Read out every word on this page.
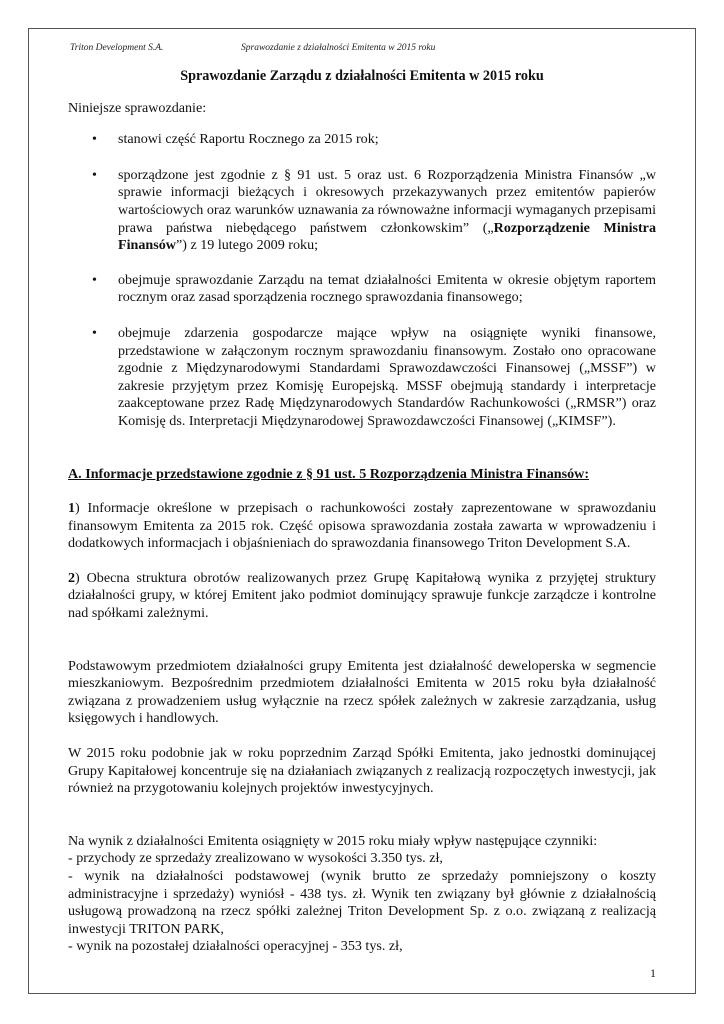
Triton Development S.A.	Sprawozdanie z działalności Emitenta w 2015 roku
Sprawozdanie Zarządu z działalności Emitenta w 2015 roku

Niniejsze sprawozdanie:

• stanowi część Raportu Rocznego za 2015 rok;
• sporządzone jest zgodnie z § 91 ust. 5 oraz ust. 6 Rozporządzenia Ministra Finansów „w sprawie informacji bieżących i okresowych przekazywanych przez emitentów papierów wartościowych oraz warunków uznawania za równoważne informacji wymaganych przepisami prawa państwa niebędącego państwem członkowskim” („Rozporządzenie Ministra Finansów”) z 19 lutego 2009 roku;
• obejmuje sprawozdanie Zarządu na temat działalności Emitenta w okresie objętym raportem rocznym oraz zasad sporządzenia rocznego sprawozdania finansowego;
• obejmuje zdarzenia gospodarcze mające wpływ na osiągnięte wyniki finansowe, przedstawione w załączonym rocznym sprawozdaniu finansowym. Zostało ono opracowane zgodnie z Międzynarodowymi Standardami Sprawozdawczości Finansowej („MSSF”) w zakresie przyjętym przez Komisję Europejską. MSSF obejmują standardy i interpretacje zaakceptowane przez Radę Międzynarodowych Standardów Rachunkowości („RMSR”) oraz Komisję ds. Interpretacji Międzynarodowej Sprawozdawczości Finansowej („KIMSF”).
A. Informacje przedstawione zgodnie z § 91 ust. 5 Rozporządzenia Ministra Finansów:

1) Informacje określone w przepisach o rachunkowości zostały zaprezentowane w sprawozdaniu finansowym Emitenta za 2015 rok. Część opisowa sprawozdania została zawarta w wprowadzeniu i dodatkowych informacjach i objaśnieniach do sprawozdania finansowego Triton Development S.A.

2) Obecna struktura obrotów realizowanych przez Grupę Kapitałową wynika z przyjętej struktury działalności grupy, w której Emitent jako podmiot dominujący sprawuje funkcje zarządcze i kontrolne nad spółkami zależnymi.

Podstawowym przedmiotem działalności grupy Emitenta jest działalność deweloperska w segmencie mieszkaniowym. Bezpośrednim przedmiotem działalności Emitenta w 2015 roku była działalność związana z prowadzeniem usług wyłącznie na rzecz spółek zależnych w zakresie zarządzania, usług księgowych i handlowych.

W 2015 roku podobnie jak w roku poprzednim Zarząd Spółki Emitenta, jako jednostki dominującej Grupy Kapitałowej koncentruje się na działaniach związanych z realizacją rozpoczętych inwestycji, jak również na przygotowaniu kolejnych projektów inwestycyjnych.

Na wynik z działalności Emitenta osiągnięty w 2015 roku miały wpływ następujące czynniki:

- przychody ze sprzedaży zrealizowano w wysokości 3.350 tys. zł,

- wynik na działalności podstawowej (wynik brutto ze sprzedaży pomniejszony o koszty administracyjne i sprzedaży) wyniósł - 438 tys. zł. Wynik ten związany był głównie z działalnością usługową prowadzoną na rzecz spółki zależnej Triton Development Sp. z o.o. związaną z realizacją inwestycji TRITON PARK,

- wynik na pozostałej działalności operacyjnej - 353 tys. zł,

1
